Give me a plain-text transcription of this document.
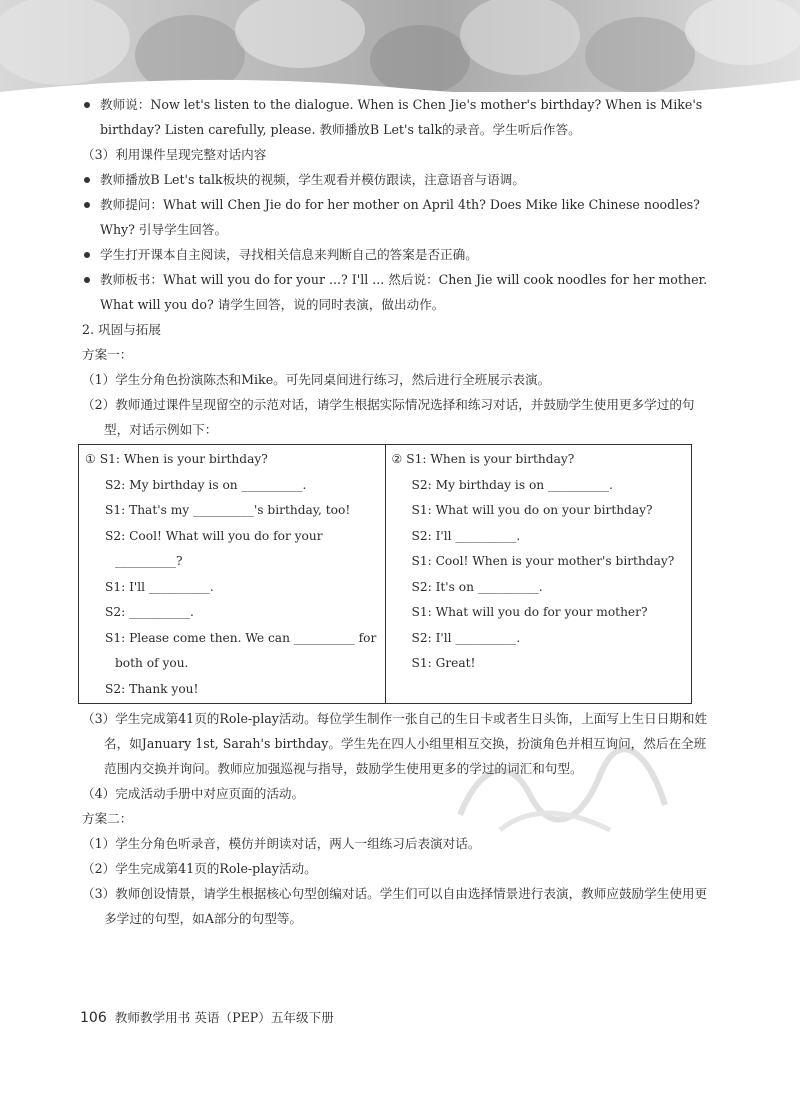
教师说：Now let's listen to the dialogue. When is Chen Jie's mother's birthday? When is Mike's birthday? Listen carefully, please. 教师播放B Let's talk的录音。学生听后作答。
（3）利用课件呈现完整对话内容
教师播放B Let's talk板块的视频，学生观看并模仿跟读，注意语音与语调。
教师提问：What will Chen Jie do for her mother on April 4th? Does Mike like Chinese noodles? Why? 引导学生回答。
学生打开课本自主阅读，寻找相关信息来判断自己的答案是否正确。
教师板书：What will you do for your ...? I'll ... 然后说：Chen Jie will cook noodles for her mother. What will you do? 请学生回答，说的同时表演，做出动作。
2. 巩固与拓展
方案一：
（1）学生分角色扮演陈杰和Mike。可先同桌间进行练习，然后进行全班展示表演。
（2）教师通过课件呈现留空的示范对话，请学生根据实际情况选择和练习对话，并鼓励学生使用更多学过的句型，对话示例如下：
① S1: When is your birthday?
S2: My birthday is on __________.
S1: That's my __________'s birthday, too!
S2: Cool! What will you do for your
__________?
S1: I'll __________.
S2: __________.
S1: Please come then. We can __________ for
both of you.
S2: Thank you!
② S1: When is your birthday?
S2: My birthday is on __________.
S1: What will you do on your birthday?
S2: I'll __________.
S1: Cool! When is your mother's birthday?
S2: It's on __________.
S1: What will you do for your mother?
S2: I'll __________.
S1: Great!
（3）学生完成第41页的Role-play活动。每位学生制作一张自己的生日卡或者生日头饰，上面写上生日日期和姓名，如January 1st, Sarah's birthday。学生先在四人小组里相互交换，扮演角色并相互询问，然后在全班范围内交换并询问。教师应加强巡视与指导，鼓励学生使用更多的学过的词汇和句型。
（4）完成活动手册中对应页面的活动。
方案二：
（1）学生分角色听录音，模仿并朗读对话，两人一组练习后表演对话。
（2）学生完成第41页的Role-play活动。
（3）教师创设情景，请学生根据核心句型创编对话。学生们可以自由选择情景进行表演，教师应鼓励学生使用更多学过的句型，如A部分的句型等。
106 教师教学用书 英语（PEP）五年级下册
